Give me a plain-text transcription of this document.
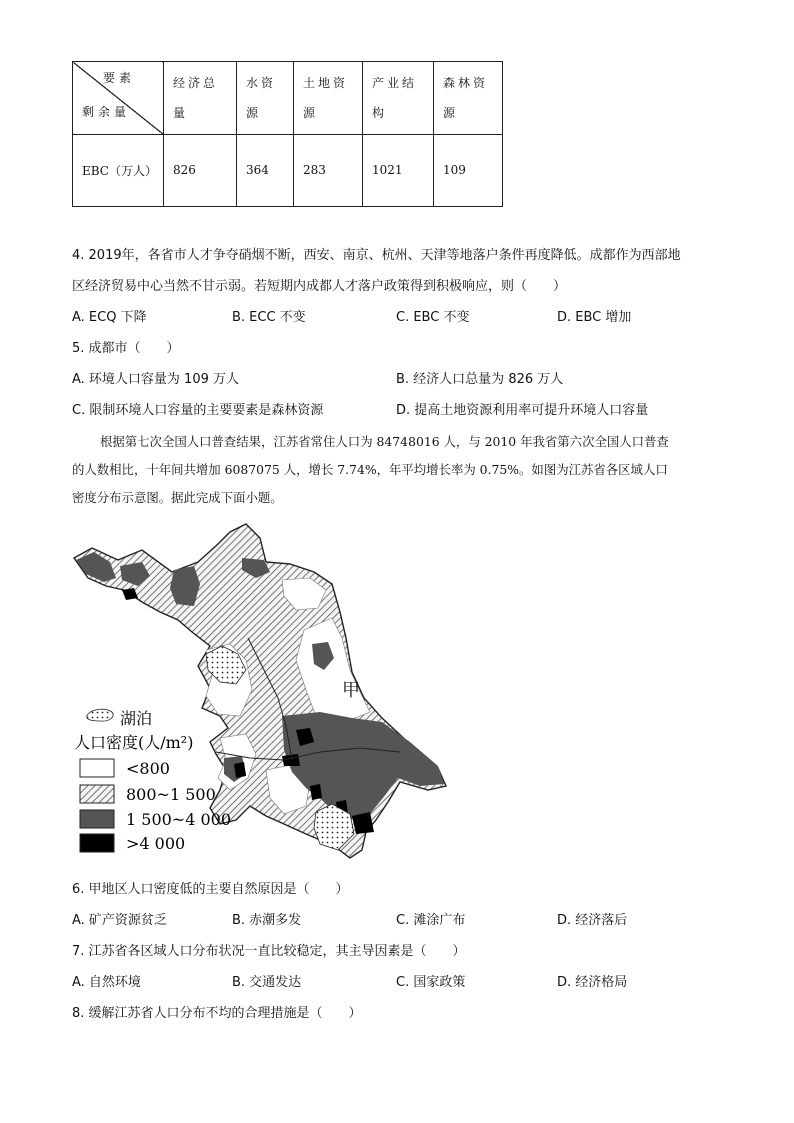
要素
剩余量	经济总量	水资源	土地资源	产业结构	森林资源

EBC（万人）	826	364	283	1021	109
4. 2019年，各省市人才争夺硝烟不断，西安、南京、杭州、天津等地落户条件再度降低。成都作为西部地
区经济贸易中心当然不甘示弱。若短期内成都人才落户政策得到积极响应，则（　　）
A. ECQ 下降	B. ECC 不变	C. EBC 不变	D. EBC 增加
5. 成都市（　　）
A. 环境人口容量为 109 万人	B. 经济人口总量为 826 万人
C. 限制环境人口容量的主要要素是森林资源	D. 提高土地资源利用率可提升环境人口容量

根据第七次全国人口普查结果，江苏省常住人口为 84748016 人，与 2010 年我省第六次全国人口普查

的人数相比，十年间共增加 6087075 人，增长 7.74%，年平均增长率为 0.75%。如图为江苏省各区域人口

密度分布示意图。据此完成下面小题。

甲
湖泊
人口密度(人/m²)
<800
800~1 500
1 500~4 000
>4 000
6. 甲地区人口密度低的主要自然原因是（　　）
A. 矿产资源贫乏	B. 赤潮多发	C. 滩涂广布	D. 经济落后
7. 江苏省各区域人口分布状况一直比较稳定，其主导因素是（　　）
A. 自然环境	B. 交通发达	C. 国家政策	D. 经济格局
8. 缓解江苏省人口分布不均的合理措施是（　　）
